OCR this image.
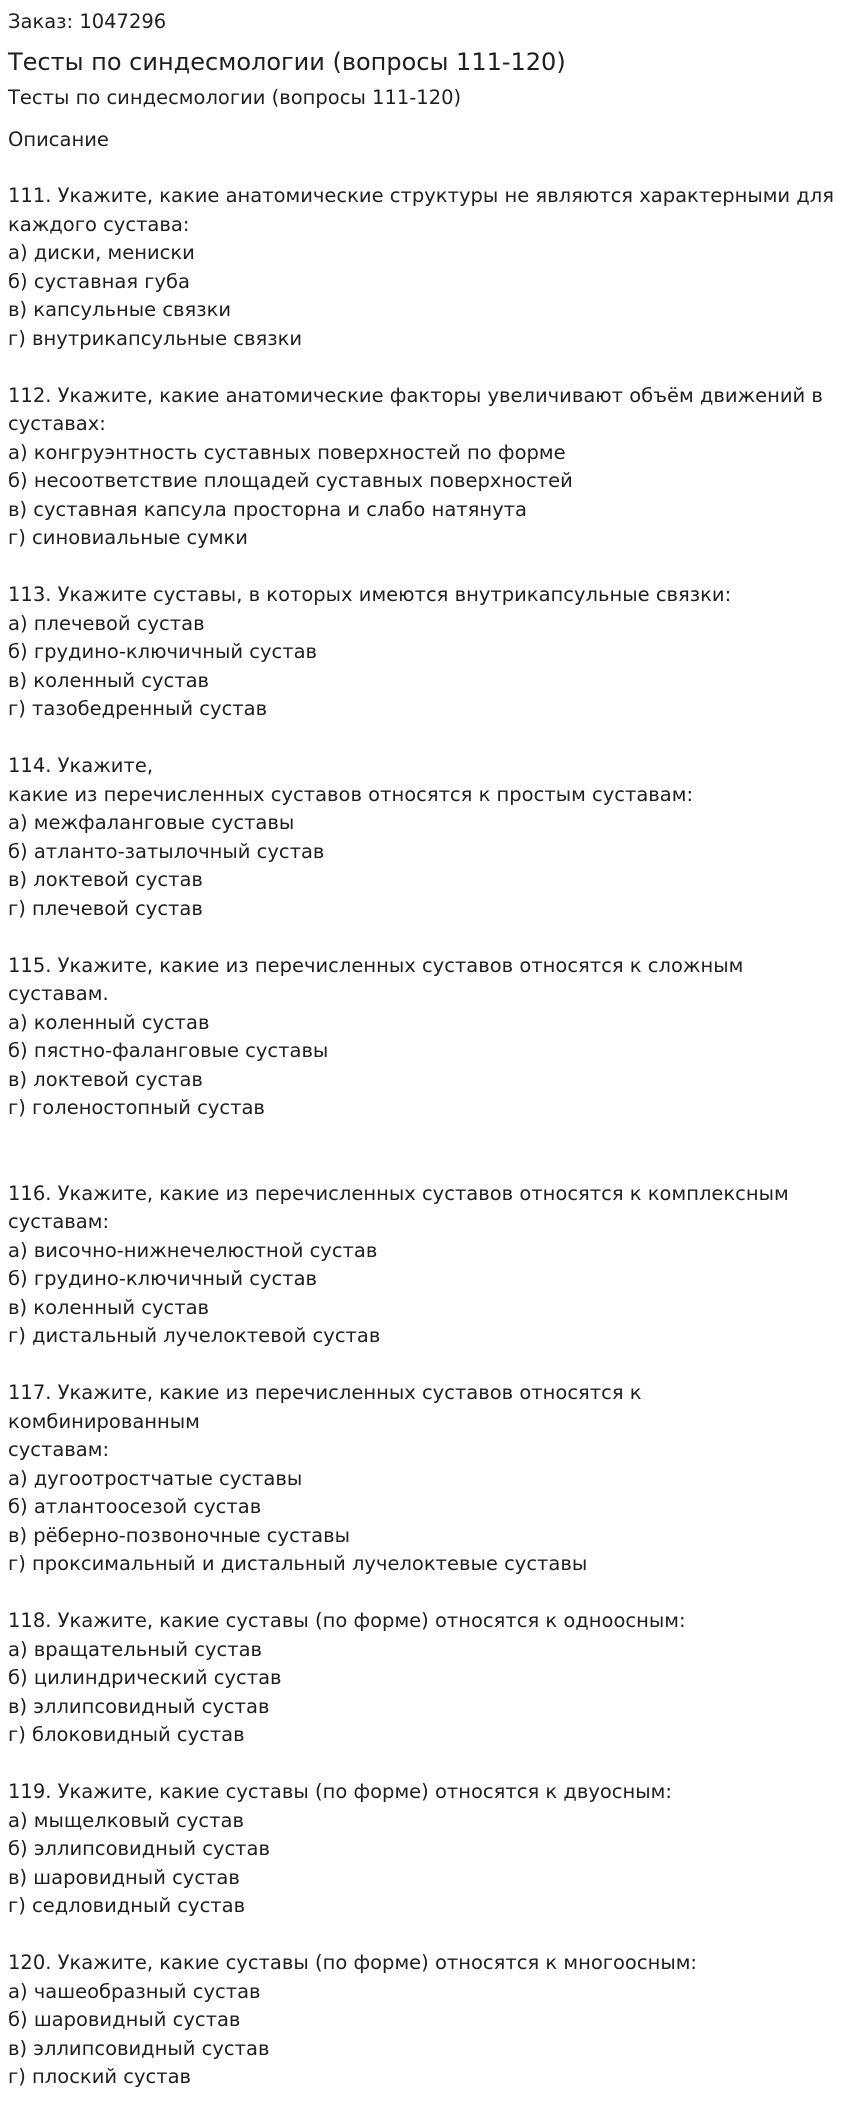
Заказ: 1047296

Тесты по синдесмологии (вопросы 111-120)

Тесты по синдесмологии (вопросы 111-120)

Описание

111. Укажите, какие анатомические структуры не являются характерными для

каждого сустава:

а) диски, мениски

б) суставная губа

в) капсульные связки

г) внутрикапсульные связки

112. Укажите, какие анатомические факторы увеличивают объём движений в

суставах:

а) конгруэнтность суставных поверхностей по форме

б) несоответствие площадей суставных поверхностей

в) суставная капсула просторна и слабо натянута

г) синовиальные сумки

113. Укажите суставы, в которых имеются внутрикапсульные связки:

а) плечевой сустав

б) грудино-ключичный сустав

в) коленный сустав

г) тазобедренный сустав

114. Укажите,

какие из перечисленных суставов относятся к простым суставам:

а) межфаланговые суставы

б) атланто-затылочный сустав

в) локтевой сустав

г) плечевой сустав

115. Укажите, какие из перечисленных суставов относятся к сложным суставам.

а) коленный сустав

б) пястно-фаланговые суставы

в) локтевой сустав

г) голеностопный сустав

116. Укажите, какие из перечисленных суставов относятся к комплексным

суставам:

а) височно-нижнечелюстной сустав

б) грудино-ключичный сустав

в) коленный сустав

г) дистальный лучелоктевой сустав

117. Укажите, какие из перечисленных суставов относятся к комбинированным

суставам:

а) дугоотростчатые суставы

б) атлантоосезой сустав

в) рёберно-позвоночные суставы

г) проксимальный и дистальный лучелоктевые суставы

118. Укажите, какие суставы (по форме) относятся к одноосным:

а) вращательный сустав

б) цилиндрический сустав

в) эллипсовидный сустав

г) блоковидный сустав

119. Укажите, какие суставы (по форме) относятся к двуосным:

а) мыщелковый сустав

б) эллипсовидный сустав

в) шаровидный сустав

г) седловидный сустав

120. Укажите, какие суставы (по форме) относятся к многоосным:

а) чашеобразный сустав

б) шаровидный сустав

в) эллипсовидный сустав

г) плоский сустав
